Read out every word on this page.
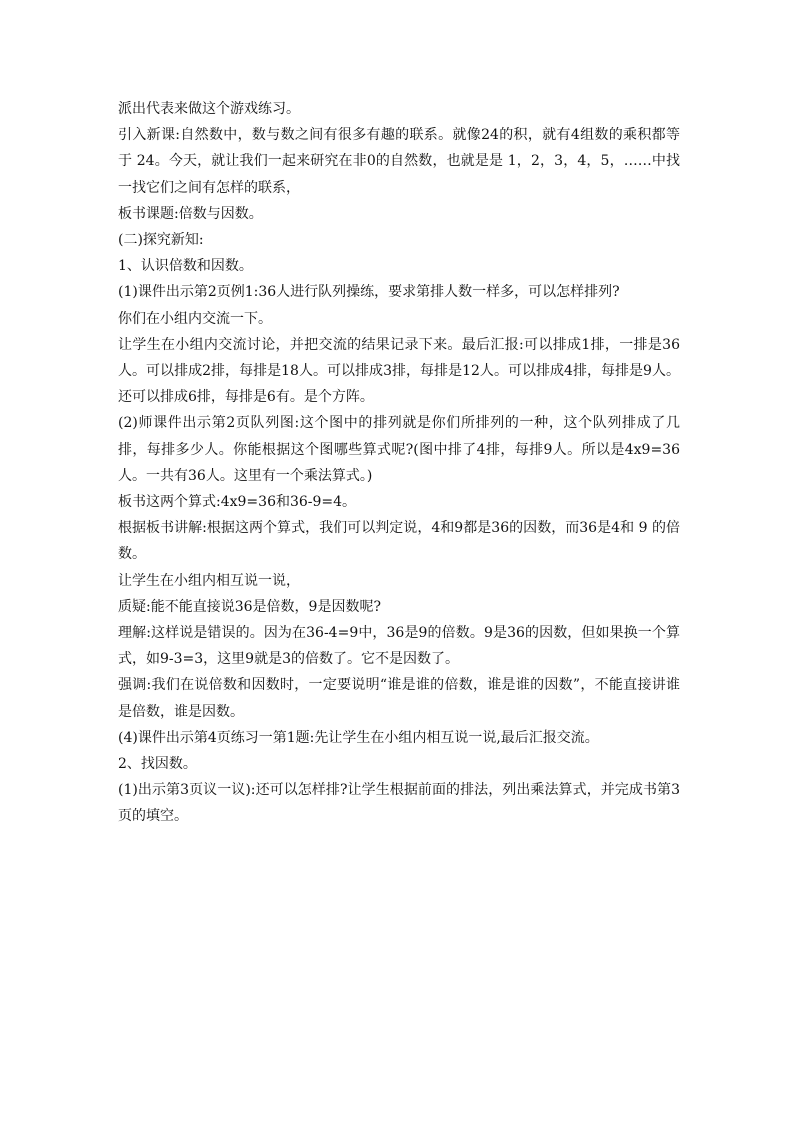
派出代表来做这个游戏练习。

引入新课:自然数中，数与数之间有很多有趣的联系。就像24的积，就有4组数的乘积都等于 24。今天，就让我们一起来研究在非0的自然数，也就是是 1，2，3，4，5，……中找一找它们之间有怎样的联系，

板书课题:倍数与因数。

(二)探究新知:

1、认识倍数和因数。

(1)课件出示第2页例1:36人进行队列操练，要求第排人数一样多，可以怎样排列?

你们在小组内交流一下。

让学生在小组内交流讨论，并把交流的结果记录下来。最后汇报:可以排成1排，一排是36人。可以排成2排，每排是18人。可以排成3排，每排是12人。可以排成4排，每排是9人。还可以排成6排，每排是6有。是个方阵。

(2)师课件出示第2页队列图:这个图中的排列就是你们所排列的一种，这个队列排成了几排，每排多少人。你能根据这个图哪些算式呢?(图中排了4排，每排9人。所以是4x9=36人。一共有36人。这里有一个乘法算式。)

板书这两个算式:4x9=36和36-9=4。

根据板书讲解:根据这两个算式，我们可以判定说，4和9都是36的因数，而36是4和 9 的倍数。

让学生在小组内相互说一说，

质疑:能不能直接说36是倍数，9是因数呢?

理解:这样说是错误的。因为在36-4=9中，36是9的倍数。9是36的因数，但如果换一个算式，如9-3=3，这里9就是3的倍数了。它不是因数了。

强调:我们在说倍数和因数时，一定要说明“谁是谁的倍数，谁是谁的因数”，不能直接讲谁是倍数，谁是因数。

(4)课件出示第4页练习一第1题:先让学生在小组内相互说一说,最后汇报交流。

2、找因数。

(1)出示第3页议一议):还可以怎样排?让学生根据前面的排法，列出乘法算式，并完成书第3页的填空。
